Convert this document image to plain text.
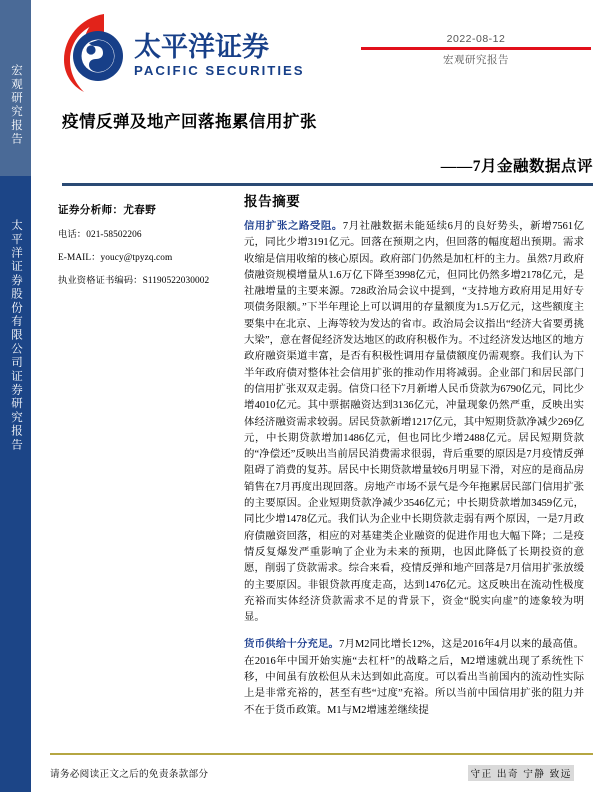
宏观研究报告
太平洋证券股份有限公司证券研究报告
太平洋证券
PACIFIC SECURITIES
2022-08-12
宏观研究报告
疫情反弹及地产回落拖累信用扩张
——7月金融数据点评
证券分析师：尤春野
电话：021-58502206
E-MAIL：youcy@tpyzq.com
执业资格证书编码：S1190522030002
报告摘要

信用扩张之路受阻。7月社融数据未能延续6月的良好势头，新增7561亿元，同比少增3191亿元。回落在预期之内，但回落的幅度超出预期。需求收缩是信用收缩的核心原因。政府部门仍然是加杠杆的主力。虽然7月政府债融资规模增量从1.6万亿下降至3998亿元，但同比仍然多增2178亿元，是社融增量的主要来源。728政治局会议中提到，“支持地方政府用足用好专项债务限额。”下半年理论上可以调用的存量额度为1.5万亿元，这些额度主要集中在北京、上海等较为发达的省市。政治局会议指出“经济大省要勇挑大梁”，意在督促经济发达地区的政府积极作为。不过经济发达地区的地方政府融资渠道丰富，是否有积极性调用存量债额度仍需观察。我们认为下半年政府债对整体社会信用扩张的推动作用将减弱。企业部门和居民部门的信用扩张双双走弱。信贷口径下7月新增人民币贷款为6790亿元，同比少增4010亿元。其中票据融资达到3136亿元，冲量现象仍然严重，反映出实体经济融资需求较弱。居民贷款新增1217亿元，其中短期贷款净减少269亿元，中长期贷款增加1486亿元，但也同比少增2488亿元。居民短期贷款的“净偿还”反映出当前居民消费需求很弱，背后重要的原因是7月疫情反弹阻碍了消费的复苏。居民中长期贷款增量较6月明显下滑，对应的是商品房销售在7月再度出现回落。房地产市场不景气是今年拖累居民部门信用扩张的主要原因。企业短期贷款净减少3546亿元；中长期贷款增加3459亿元，同比少增1478亿元。我们认为企业中长期贷款走弱有两个原因，一是7月政府债融资回落，相应的对基建类企业融资的促进作用也大幅下降；二是疫情反复爆发严重影响了企业为未来的预期，也因此降低了长期投资的意愿，削弱了贷款需求。综合来看，疫情反弹和地产回落是7月信用扩张放缓的主要原因。非银贷款再度走高，达到1476亿元。这反映出在流动性极度充裕而实体经济贷款需求不足的背景下，资金“脱实向虚”的迹象较为明显。

货币供给十分充足。7月M2同比增长12%，这是2016年4月以来的最高值。在2016年中国开始实施“去杠杆”的战略之后，M2增速就出现了系统性下移，中间虽有放松但从未达到如此高度。可以看出当前国内的流动性实际上是非常充裕的，甚至有些“过度”充裕。所以当前中国信用扩张的阻力并不在于货币政策。M1与M2增速差继续提

请务必阅读正文之后的免责条款部分	守正 出奇 宁静 致远
